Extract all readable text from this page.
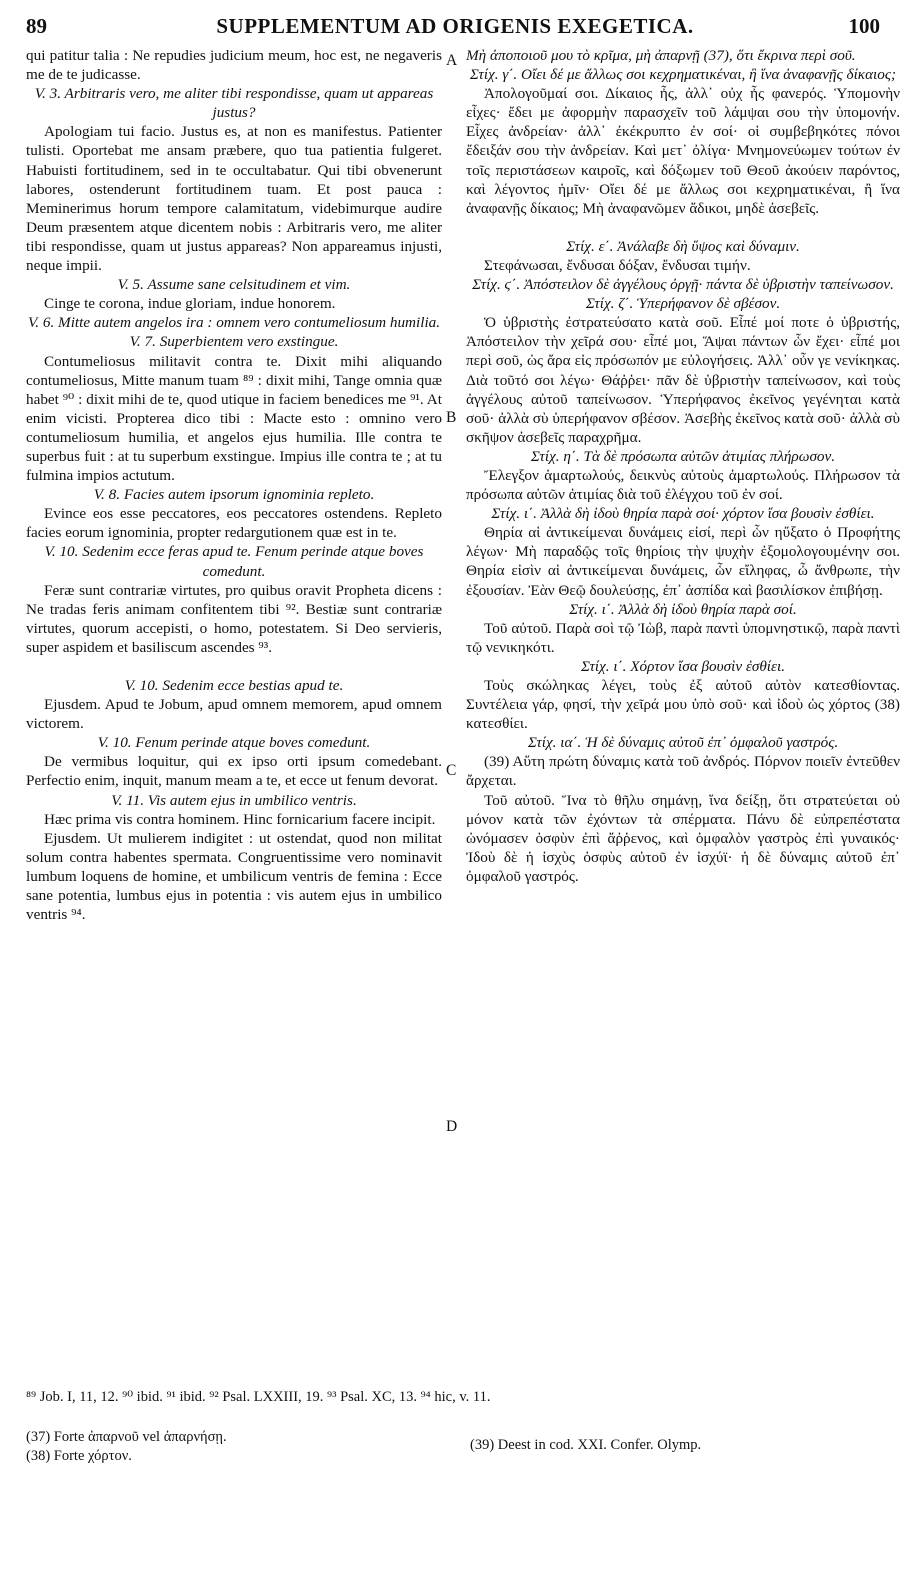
89	SUPPLEMENTUM AD ORIGENIS EXEGETICA.	100

qui patitur talia : Ne repudies judicium meum, hoc est, ne negaveris me de te judicasse.

V. 3. Arbitraris vero, me aliter tibi respondisse, quam ut appareas justus?

Apologiam tui facio. Justus es, at non es manifestus. Patienter tulisti. Oportebat me ansam præbere, quo tua patientia fulgeret. Habuisti fortitudinem, sed in te occultabatur. Qui tibi obvenerunt labores, ostenderunt fortitudinem tuam. Et post pauca : Meminerimus horum tempore calamitatum, videbimurque audire Deum præsentem atque dicentem nobis : Arbitraris vero, me aliter tibi respondisse, quam ut justus appareas? Non appareamus injusti, neque impii.

V. 5. Assume sane celsitudinem et vim.

Cinge te corona, indue gloriam, indue honorem.

V. 6. Mitte autem angelos ira : omnem vero contumeliosum humilia.

V. 7. Superbientem vero exstingue.

Contumeliosus militavit contra te. Dixit mihi aliquando contumeliosus, Mitte manum tuam ⁸⁹ : dixit mihi, Tange omnia quæ habet ⁹⁰ : dixit mihi de te, quod utique in faciem benedices me ⁹¹. At enim vicisti. Propterea dico tibi : Macte esto : omnino vero contumeliosum humilia, et angelos ejus humilia. Ille contra te superbus fuit : at tu superbum exstingue. Impius ille contra te ; at tu fulmina impios actutum.

V. 8. Facies autem ipsorum ignominia repleto.

Evince eos esse peccatores, eos peccatores ostendens. Repleto facies eorum ignominia, propter redargutionem quæ est in te.

V. 10. Sedenim ecce feras apud te. Fenum perinde atque boves comedunt.

Feræ sunt contrariæ virtutes, pro quibus oravit Propheta dicens : Ne tradas feris animam confitentem tibi ⁹². Bestiæ sunt contrariæ virtutes, quorum accepisti, o homo, potestatem. Si Deo servieris, super aspidem et basiliscum ascendes ⁹³.

V. 10. Sedenim ecce bestias apud te.

Ejusdem. Apud te Jobum, apud omnem memorem, apud omnem victorem.

V. 10. Fenum perinde atque boves comedunt.

De vermibus loquitur, qui ex ipso orti ipsum comedebant. Perfectio enim, inquit, manum meam a te, et ecce ut fenum devorat.

V. 11. Vis autem ejus in umbilico ventris.

Hæc prima vis contra hominem. Hinc fornicarium facere incipit.

Ejusdem. Ut mulierem indigitet : ut ostendat, quod non militat solum contra habentes spermata. Congruentissime vero nominavit lumbum loquens de homine, et umbilicum ventris de femina : Ecce sane potentia, lumbus ejus in potentia : vis autem ejus in umbilico ventris ⁹⁴.

Μὴ ἀποποιοῦ μου τὸ κρῖμα, μὴ ἀπαρνῇ (37), ὅτι ἔκρινα περὶ σοῦ.

Στίχ. γ΄. Οἴει δέ με ἄλλως σοι κεχρηματικέναι, ἢ ἵνα ἀναφανῇς δίκαιος;

Ἀπολογοῦμαί σοι. Δίκαιος ἦς, ἀλλ᾽ οὐχ ἦς φανερός. Ὑπομονὴν εἶχες· ἔδει με ἀφορμὴν παρασχεῖν τοῦ λάμψαι σου τὴν ὑπομονήν. Εἶχες ἀνδρείαν· ἀλλ᾽ ἐκέκρυπτο ἐν σοί· οἱ συμβεβηκότες πόνοι ἔδειξάν σου τὴν ἀνδρείαν. Καὶ μετ᾽ ὀλίγα· Μνημονεύωμεν τούτων ἐν τοῖς περιστάσεων καιροῖς, καὶ δόξωμεν τοῦ Θεοῦ ἀκούειν παρόντος, καὶ λέγοντος ἡμῖν· Οἴει δέ με ἄλλως σοι κεχρηματικέναι, ἢ ἵνα ἀναφανῇς δίκαιος; Μὴ ἀναφανῶμεν ἄδικοι, μηδὲ ἀσεβεῖς.

Στίχ. ε΄. Ἀνάλαβε δὴ ὕψος καὶ δύναμιν.

Στεφάνωσαι, ἔνδυσαι δόξαν, ἔνδυσαι τιμήν.

Στίχ. ϛ΄. Ἀπόστειλον δὲ ἀγγέλους ὀργῇ· πάντα δὲ ὑβριστὴν ταπείνωσον.

Στίχ. ζ΄. Ὑπερήφανον δὲ σβέσον.

Ὁ ὑβριστὴς ἐστρατεύσατο κατὰ σοῦ. Εἶπέ μοί ποτε ὁ ὑβριστής, Ἀπόστειλον τὴν χεῖρά σου· εἶπέ μοι, Ἅψαι πάντων ὧν ἔχει· εἶπέ μοι περὶ σοῦ, ὡς ἄρα εἰς πρόσωπόν με εὐλογήσεις. Ἀλλ᾽ οὖν γε νενίκηκας. Διὰ τοῦτό σοι λέγω· Θάῤῥει· πᾶν δὲ ὑβριστὴν ταπείνωσον, καὶ τοὺς ἀγγέλους αὐτοῦ ταπείνωσον. Ὑπερήφανος ἐκεῖνος γεγένηται κατὰ σοῦ· ἀλλὰ σὺ ὑπερήφανον σβέσον. Ἀσεβὴς ἐκεῖνος κατὰ σοῦ· ἀλλὰ σὺ σκῆψον ἀσεβεῖς παραχρῆμα.

Στίχ. η΄. Τὰ δὲ πρόσωπα αὐτῶν ἀτιμίας πλήρωσον.

Ἔλεγξον ἁμαρτωλούς, δεικνὺς αὐτοὺς ἁμαρτωλούς. Πλήρωσον τὰ πρόσωπα αὐτῶν ἀτιμίας διὰ τοῦ ἐλέγχου τοῦ ἐν σοί.

Στίχ. ι΄. Ἀλλὰ δὴ ἰδοὺ θηρία παρὰ σοί· χόρτον ἴσα βουσὶν ἐσθίει.

Θηρία αἱ ἀντικείμεναι δυνάμεις εἰσί, περὶ ὧν ηὔξατο ὁ Προφήτης λέγων· Μὴ παραδῷς τοῖς θηρίοις τὴν ψυχὴν ἐξομολογουμένην σοι. Θηρία εἰσὶν αἱ ἀντικείμεναι δυνάμεις, ὧν εἴληφας, ὦ ἄνθρωπε, τὴν ἐξουσίαν. Ἐὰν Θεῷ δουλεύσῃς, ἐπ᾽ ἀσπίδα καὶ βασιλίσκον ἐπιβήσῃ.

Στίχ. ι΄. Ἀλλὰ δὴ ἰδοὺ θηρία παρὰ σοί.

Τοῦ αὐτοῦ. Παρὰ σοὶ τῷ Ἰὼβ, παρὰ παντὶ ὑπομνηστικῷ, παρὰ παντὶ τῷ νενικηκότι.

Στίχ. ι΄. Χόρτον ἴσα βουσὶν ἐσθίει.

Τοὺς σκώληκας λέγει, τοὺς ἐξ αὐτοῦ αὐτὸν κατεσθίοντας. Συντέλεια γάρ, φησί, τὴν χεῖρά μου ὑπὸ σοῦ· καὶ ἰδοὺ ὡς χόρτος (38) κατεσθίει.

Στίχ. ια΄. Ἡ δὲ δύναμις αὐτοῦ ἐπ᾽ ὀμφαλοῦ γαστρός.

(39) Αὕτη πρώτη δύναμις κατὰ τοῦ ἀνδρός. Πόρνον ποιεῖν ἐντεῦθεν ἄρχεται.

Τοῦ αὐτοῦ. Ἵνα τὸ θῆλυ σημάνῃ, ἵνα δείξῃ, ὅτι στρατεύεται οὐ μόνον κατὰ τῶν ἐχόντων τὰ σπέρματα. Πάνυ δὲ εὐπρεπέστατα ὠνόμασεν ὀσφὺν ἐπὶ ἄῤῥενος, καὶ ὀμφαλὸν γαστρὸς ἐπὶ γυναικός· Ἰδοὺ δὲ ἡ ἰσχὺς ὀσφὺς αὐτοῦ ἐν ἰσχύϊ· ἡ δὲ δύναμις αὐτοῦ ἐπ᾽ ὀμφαλοῦ γαστρός.

A
B
C
D
⁸⁹ Job. I, 11, 12. ⁹⁰ ibid. ⁹¹ ibid. ⁹² Psal. LXXIII, 19. ⁹³ Psal. XC, 13. ⁹⁴ hic, v. 11.
(37) Forte ἀπαρνοῦ vel ἀπαρνήσῃ.
(38) Forte χόρτον.
(39) Deest in cod. XXI. Confer. Olymp.
